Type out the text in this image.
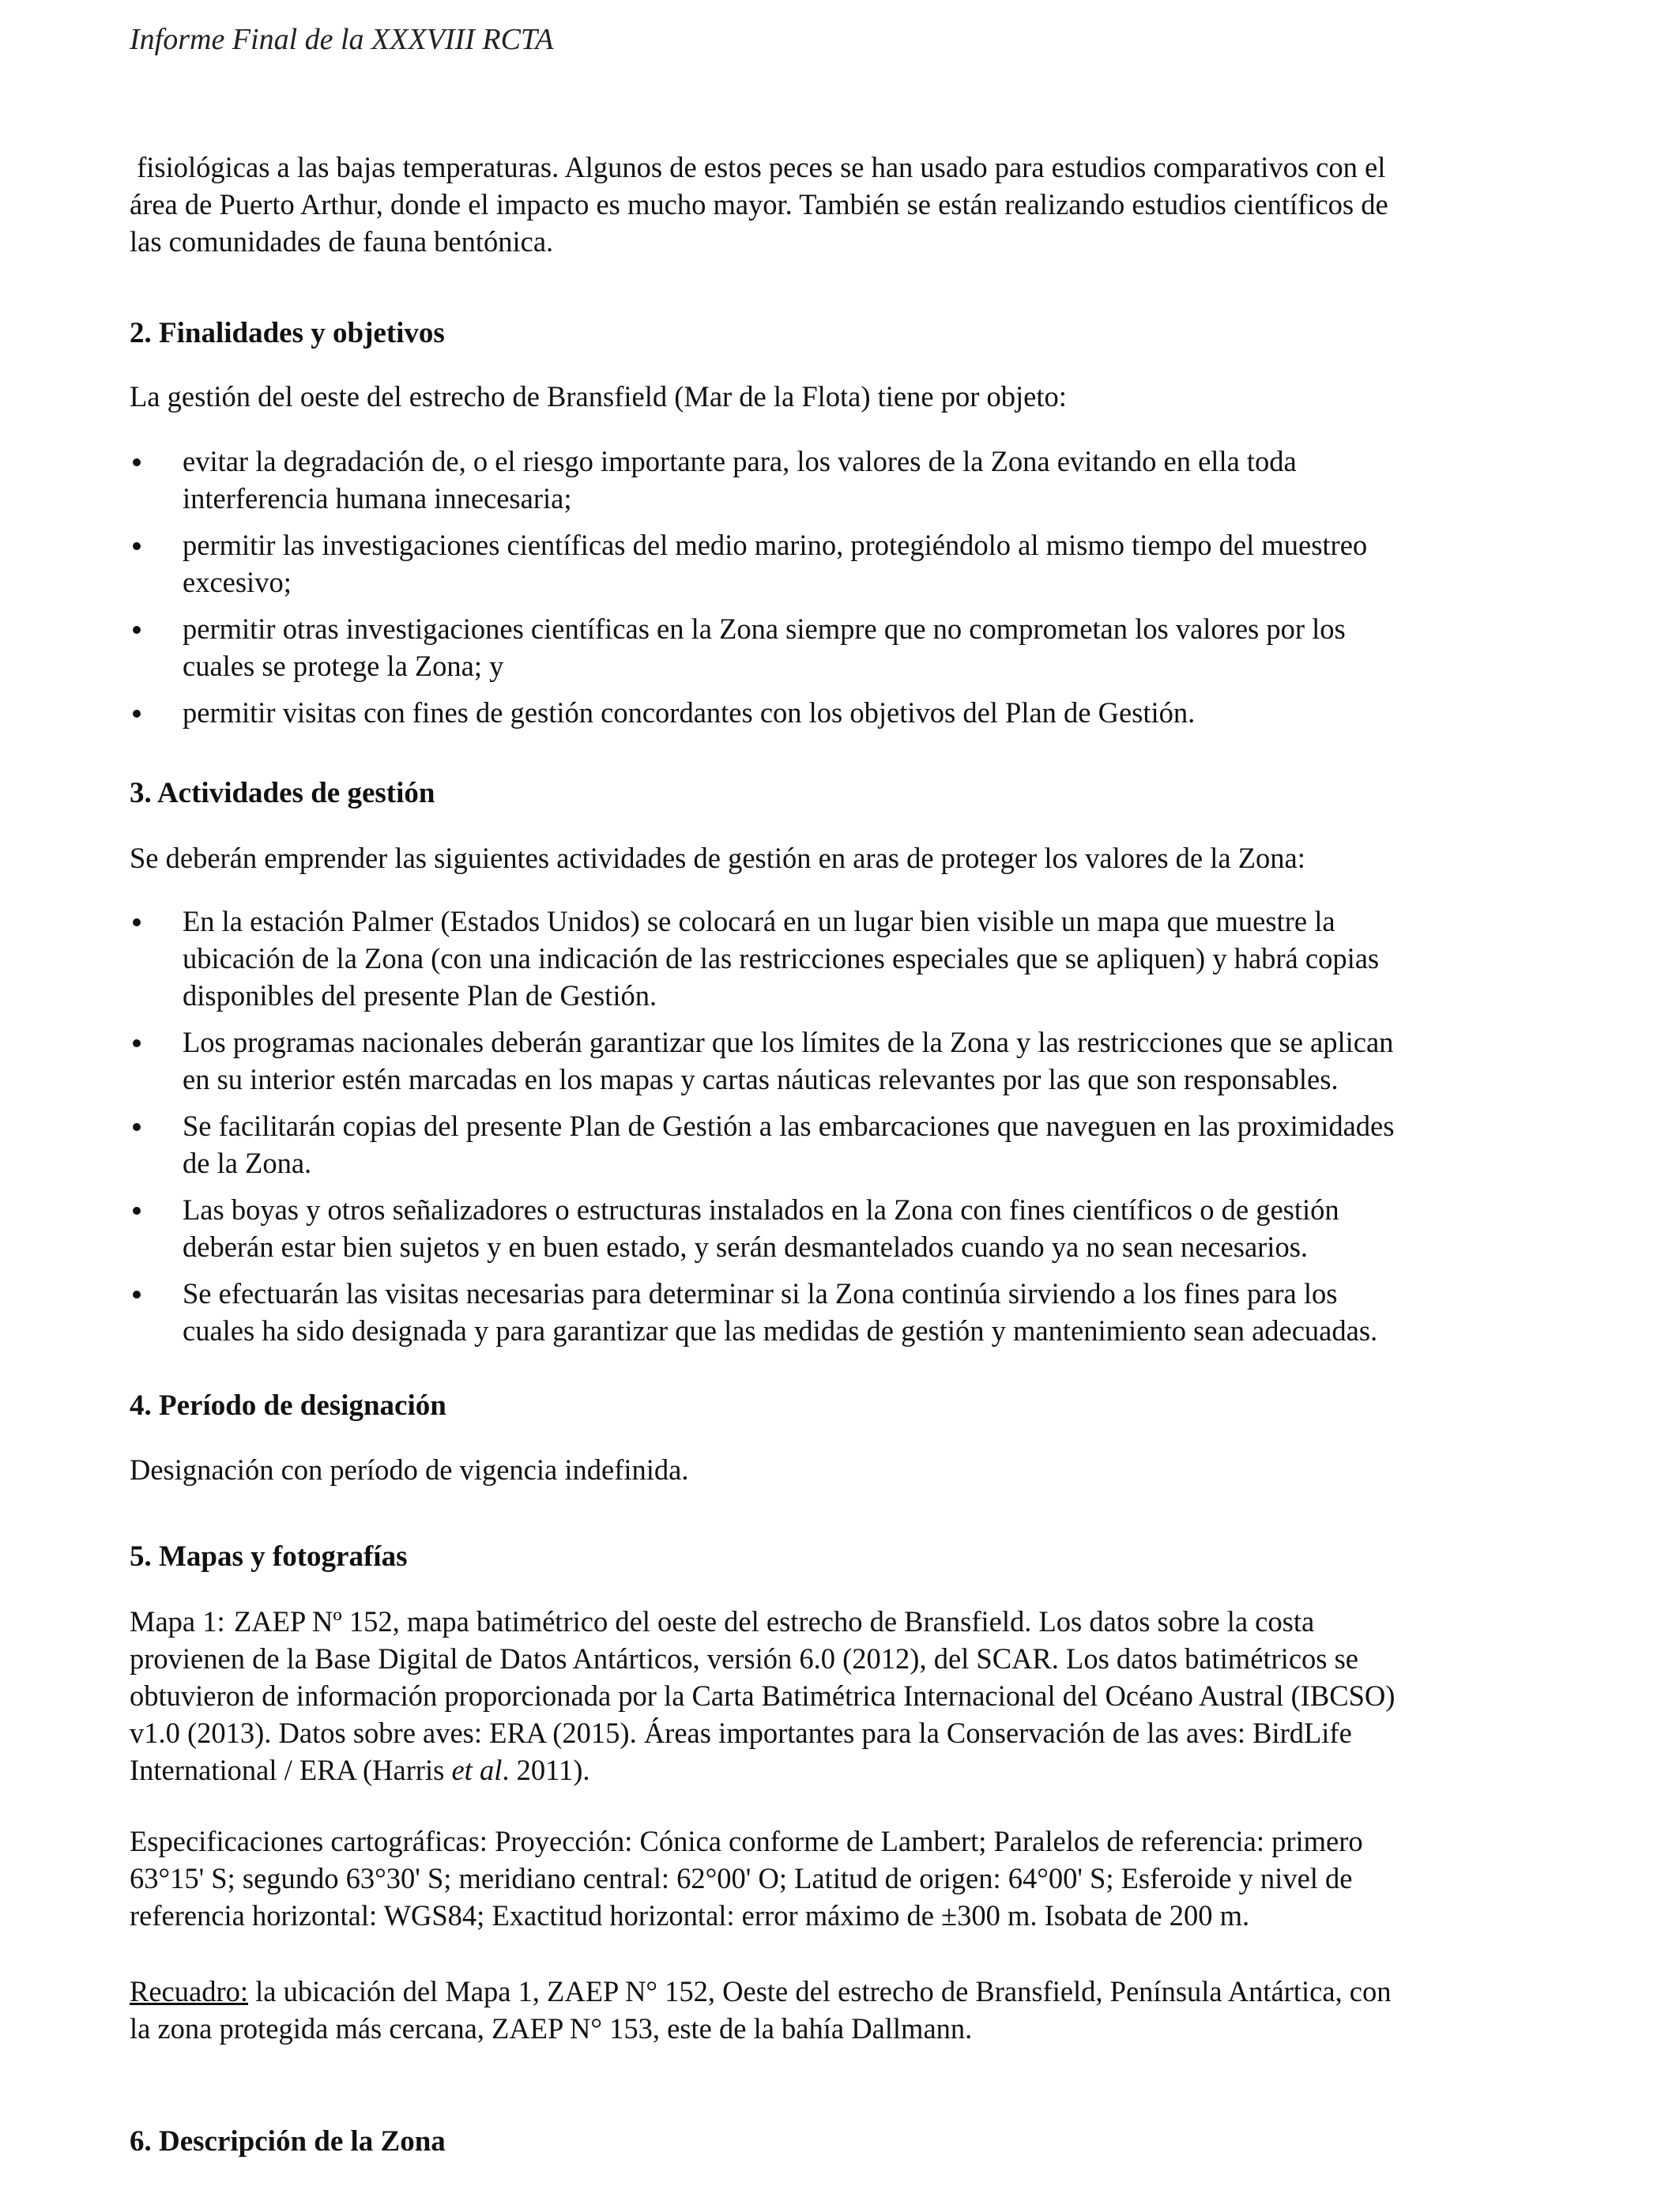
Informe Final de la XXXVIII RCTA

fisiológicas a las bajas temperaturas. Algunos de estos peces se han usado para estudios comparativos con el

área de Puerto Arthur, donde el impacto es mucho mayor. También se están realizando estudios científicos de

las comunidades de fauna bentónica.

2. Finalidades y objetivos
La gestión del oeste del estrecho de Bransfield (Mar de la Flota) tiene por objeto:
evitar la degradación de, o el riesgo importante para, los valores de la Zona evitando en ella toda
interferencia humana innecesaria;
permitir las investigaciones científicas del medio marino, protegiéndolo al mismo tiempo del muestreo
excesivo;
permitir otras investigaciones científicas en la Zona siempre que no comprometan los valores por los
cuales se protege la Zona; y
permitir visitas con fines de gestión concordantes con los objetivos del Plan de Gestión.
3. Actividades de gestión
Se deberán emprender las siguientes actividades de gestión en aras de proteger los valores de la Zona:
En la estación Palmer (Estados Unidos) se colocará en un lugar bien visible un mapa que muestre la
ubicación de la Zona (con una indicación de las restricciones especiales que se apliquen) y habrá copias
disponibles del presente Plan de Gestión.
Los programas nacionales deberán garantizar que los límites de la Zona y las restricciones que se aplican
en su interior estén marcadas en los mapas y cartas náuticas relevantes por las que son responsables.
Se facilitarán copias del presente Plan de Gestión a las embarcaciones que naveguen en las proximidades
de la Zona.
Las boyas y otros señalizadores o estructuras instalados en la Zona con fines científicos o de gestión
deberán estar bien sujetos y en buen estado, y serán desmantelados cuando ya no sean necesarios.
Se efectuarán las visitas necesarias para determinar si la Zona continúa sirviendo a los fines para los
cuales ha sido designada y para garantizar que las medidas de gestión y mantenimiento sean adecuadas.
4. Período de designación
Designación con período de vigencia indefinida.
5. Mapas y fotografías

Mapa 1: ZAEP Nº 152, mapa batimétrico del oeste del estrecho de Bransfield. Los datos sobre la costa

provienen de la Base Digital de Datos Antárticos, versión 6.0 (2012), del SCAR. Los datos batimétricos se

obtuvieron de información proporcionada por la Carta Batimétrica Internacional del Océano Austral (IBCSO)

v1.0 (2013). Datos sobre aves: ERA (2015). Áreas importantes para la Conservación de las aves: BirdLife

International / ERA (Harris et al. 2011).

Especificaciones cartográficas: Proyección: Cónica conforme de Lambert; Paralelos de referencia: primero

63°15' S; segundo 63°30' S; meridiano central: 62°00' O; Latitud de origen: 64°00' S; Esferoide y nivel de

referencia horizontal: WGS84; Exactitud horizontal: error máximo de ±300 m. Isobata de 200 m.

Recuadro: la ubicación del Mapa 1, ZAEP N° 152, Oeste del estrecho de Bransfield, Península Antártica, con

la zona protegida más cercana, ZAEP N° 153, este de la bahía Dallmann.

6. Descripción de la Zona
